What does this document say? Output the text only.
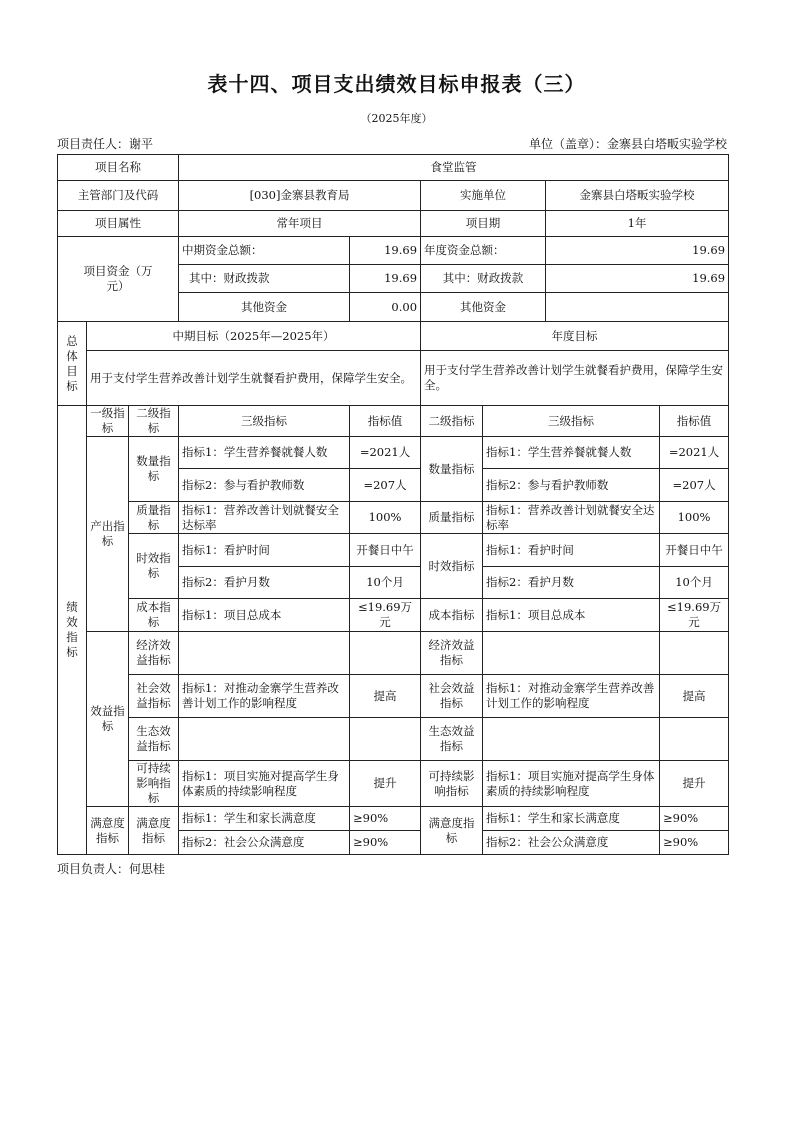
表十四、项目支出绩效目标申报表（三）
（2025年度）
项目责任人：谢平	单位（盖章）：金寨县白塔畈实验学校
项目名称			食堂监管					
主管部门及代码			[030]金寨县教育局		实施单位		金寨县白塔畈实验学校	
项目属性			常年项目		项目期		1年	
项目资金（万元）			中期资金总额：	19.69	年度资金总额：		19.69	
			其中：财政拨款	19.69	其中：财政拨款		19.69	
			其他资金	0.00	其他资金			
总体目标	中期目标（2025年—2025年）				年度目标			
	用于支付学生营养改善计划学生就餐看护费用，保障学生安全。				用于支付学生营养改善计划学生就餐看护费用，保障学生安全。			
绩效指标	一级指标	二级指标	三级指标	指标值	二级指标	三级指标		指标值
	产出指标	数量指标	指标1：学生营养餐就餐人数	=2021人	数量指标	指标1：学生营养餐就餐人数		=2021人
			指标2：参与看护教师数	=207人		指标2：参与看护教师数		=207人
		质量指标	指标1：营养改善计划就餐安全达标率	100%	质量指标	指标1：营养改善计划就餐安全达标率		100%
		时效指标	指标1：看护时间	开餐日中午	时效指标	指标1：看护时间		开餐日中午
			指标2：看护月数	10个月		指标2：看护月数		10个月
		成本指标	指标1：项目总成本	≤19.69万元	成本指标	指标1：项目总成本		≤19.69万元
	效益指标	经济效益指标			经济效益指标			
		社会效益指标	指标1：对推动金寨学生营养改善计划工作的影响程度	提高	社会效益指标	指标1：对推动金寨学生营养改善计划工作的影响程度		提高
		生态效益指标			生态效益指标			
		可持续影响指标	指标1：项目实施对提高学生身体素质的持续影响程度	提升	可持续影响指标	指标1：项目实施对提高学生身体素质的持续影响程度		提升
	满意度指标	满意度指标	指标1：学生和家长满意度	≥90%	满意度指标	指标1：学生和家长满意度		≥90%
			指标2：社会公众满意度	≥90%		指标2：社会公众满意度		≥90%
项目负责人：何思桂
